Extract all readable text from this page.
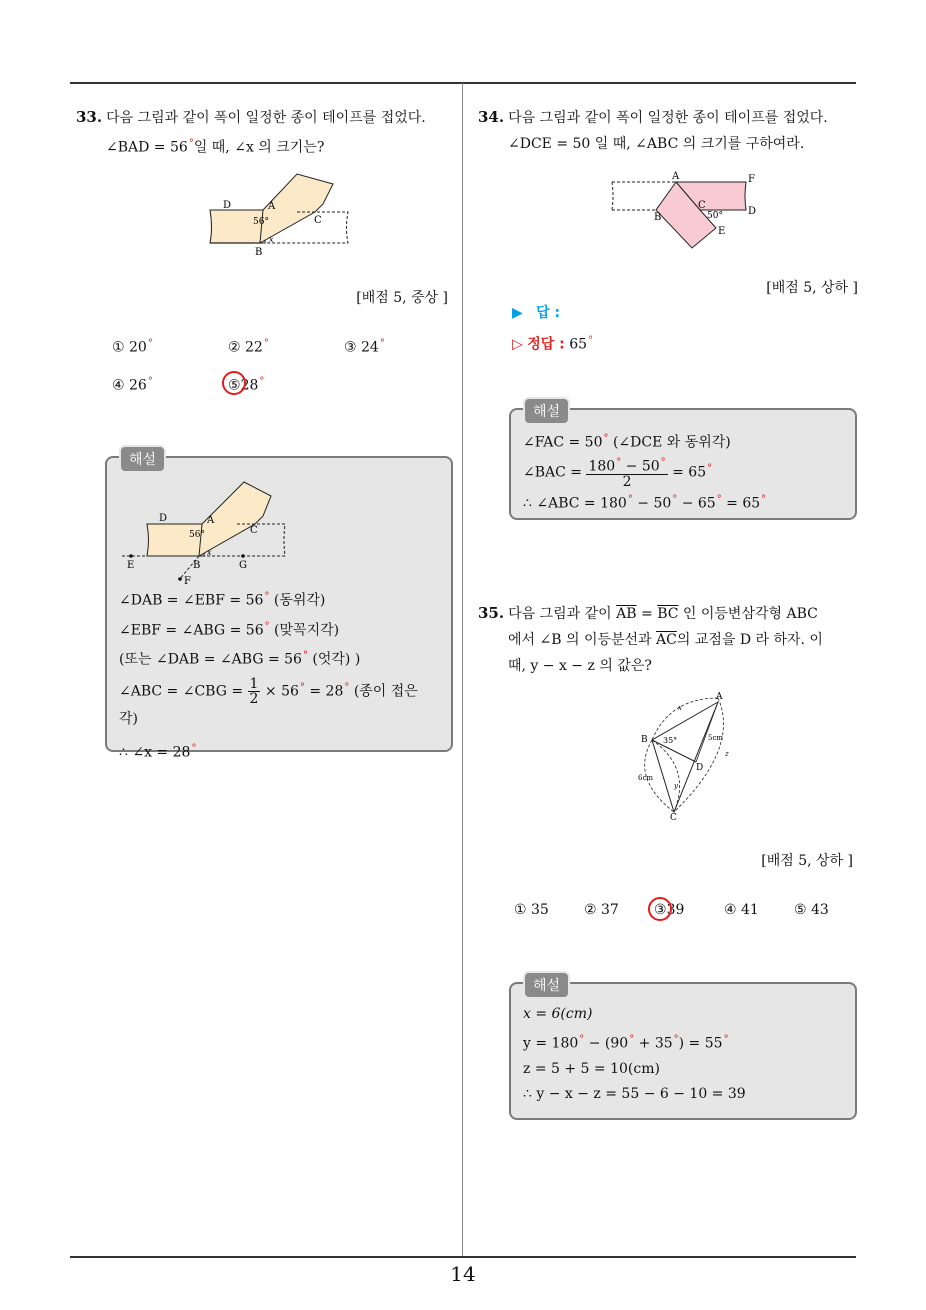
14
33. 다음 그림과 같이 폭이 일정한 종이 테이프를 접었다.
∠BAD = 56°일 때, ∠x 의 크기는?
D	A
C
B
56°
x
[배점 5, 중상 ]
① 20°	② 22°	③ 24°
④ 26°	⑤28°
해설
D	A
C
E	B	G
F
56°
x
∠DAB = ∠EBF = 56° (동위각)
∠EBF = ∠ABG = 56° (맞꼭지각)
(또는 ∠DAB = ∠ABG = 56° (엇각) )
∠ABC = ∠CBG = $\frac{1}{2} \times 56^\circ = 28^\circ$ (종이 접은
각)
∴ ∠x = 28°
34. 다음 그림과 같이 폭이 일정한 종이 테이프를 접었다.
∠DCE = 50 일 때, ∠ABC 의 크기를 구하여라.
A	F
B
C
D
E
50°
[배점 5, 상하 ]
▶ 답 :
▷ 정답 : 65°
해설
∠FAC = 50° (∠DCE 와 동위각)
∠BAC = $\frac{180^\circ - 50^\circ}{2} = 65^\circ$
∴ ∠ABC = 180° − 50° − 65° = 65°
35. 다음 그림과 같이 $\overline{AB} = \overline{BC}$ 인 이등변삼각형 ABC
에서 ∠B 의 이등분선과 $\overline{AC}$의 교점을 D 라 하자. 이
때, y − x − z 의 값은?
A
B
C
D
35°	5cm
6cm
x
y
z
[배점 5, 상하 ]
① 35	② 37	③39	④ 41	⑤ 43
해설
x = 6(cm)
y = 180° − (90° + 35°) = 55°
z = 5 + 5 = 10(cm)
∴ y − x − z = 55 − 6 − 10 = 39
